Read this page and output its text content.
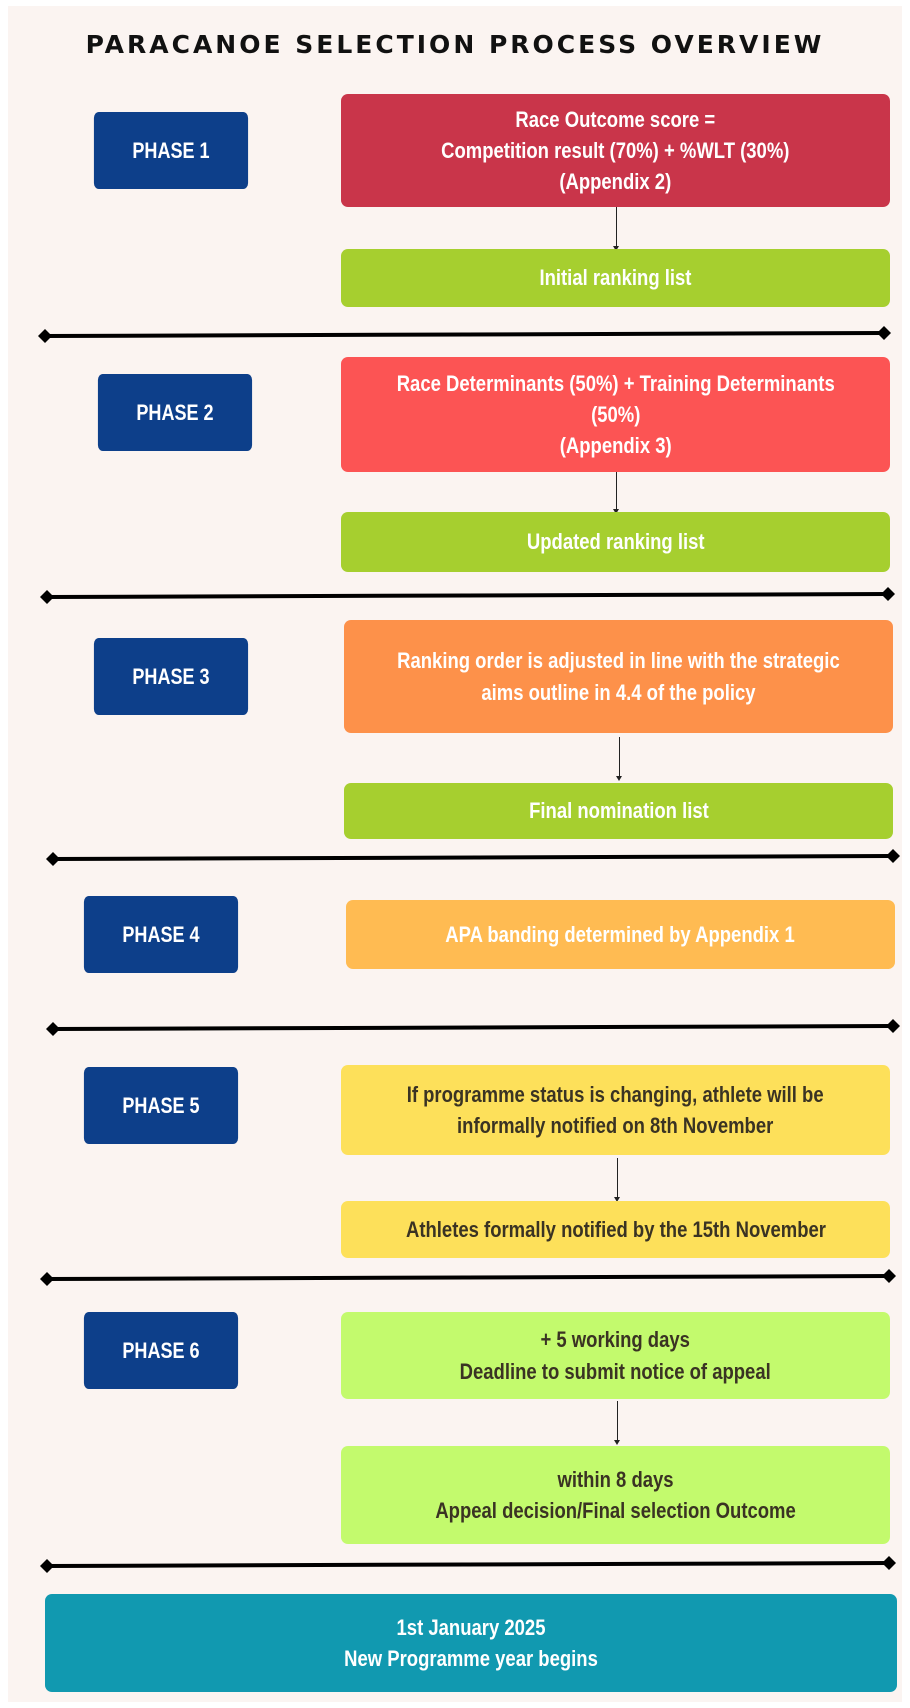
PARACANOE SELECTION PROCESS OVERVIEW
PHASE 1
Race Outcome score =
Competition result (70%) + %WLT (30%)
(Appendix 2)
Initial ranking list
PHASE 2
Race Determinants (50%) + Training Determinants
(50%)
(Appendix 3)
Updated ranking list
PHASE 3
Ranking order is adjusted in line with the strategic
aims outline in 4.4 of the policy
Final nomination list
PHASE 4	APA banding determined by Appendix 1
PHASE 5	If programme status is changing, athlete will be
informally notified on 8th November
Athletes formally notified by the 15th November
PHASE 6	+ 5 working days
Deadline to submit notice of appeal
within 8 days
Appeal decision/Final selection Outcome
1st January 2025
New Programme year begins
